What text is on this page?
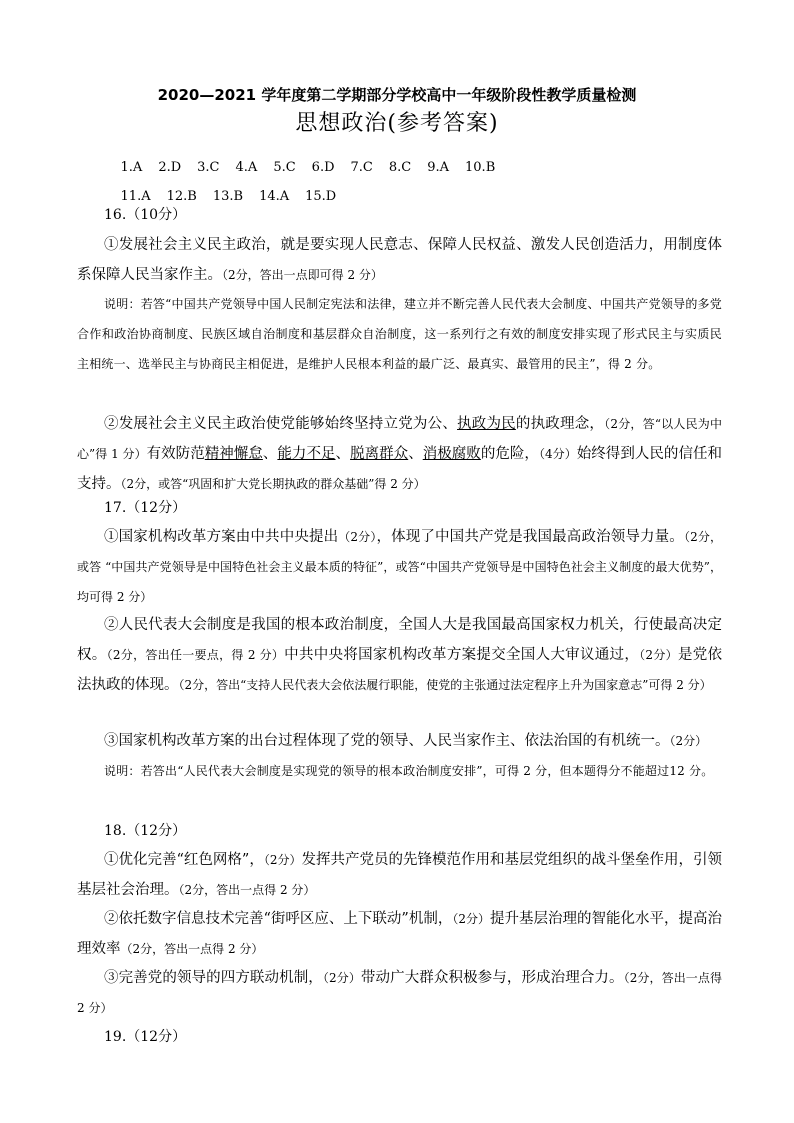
2020—2021 学年度第二学期部分学校高中一年级阶段性教学质量检测
思想政治(参考答案)

1.A 2.D 3.C 4.A 5.C 6.D 7.C 8.C 9.A 10.B

11.A 12.B 13.B 14.A 15.D

16.（10分）
①发展社会主义民主政治，就是要实现人民意志、保障人民权益、激发人民创造活力，用制度体系保障人民当家作主。（2分，答出一点即可得 2 分）
说明：若答“中国共产党领导中国人民制定宪法和法律，建立并不断完善人民代表大会制度、中国共产党领导的多党合作和政治协商制度、民族区域自治制度和基层群众自治制度，这一系列行之有效的制度安排实现了形式民主与实质民主相统一、选举民主与协商民主相促进，是维护人民根本利益的最广泛、最真实、最管用的民主”，得 2 分。
②发展社会主义民主政治使党能够始终坚持立党为公、执政为民的执政理念，（2分，答“以人民为中心”得 1 分）有效防范精神懈怠、能力不足、脱离群众、消极腐败的危险，（4分）始终得到人民的信任和支持。（2分，或答“巩固和扩大党长期执政的群众基础”得 2 分）
17.（12分）
①国家机构改革方案由中共中央提出（2分），体现了中国共产党是我国最高政治领导力量。（2分，或答 “中国共产党领导是中国特色社会主义最本质的特征”，或答“中国共产党领导是中国特色社会主义制度的最大优势”，均可得 2 分）
②人民代表大会制度是我国的根本政治制度，全国人大是我国最高国家权力机关，行使最高决定权。（2分，答出任一要点，得 2 分）中共中央将国家机构改革方案提交全国人大审议通过，（2分）是党依法执政的体现。（2分，答出“支持人民代表大会依法履行职能，使党的主张通过法定程序上升为国家意志”可得 2 分）
③国家机构改革方案的出台过程体现了党的领导、人民当家作主、依法治国的有机统一。（2分）
说明：若答出“人民代表大会制度是实现党的领导的根本政治制度安排”，可得 2 分，但本题得分不能超过12 分。
18.（12分）
①优化完善“红色网格”，（2分）发挥共产党员的先锋模范作用和基层党组织的战斗堡垒作用，引领基层社会治理。（2分，答出一点得 2 分）
②依托数字信息技术完善“街呼区应、上下联动”机制，（2分）提升基层治理的智能化水平，提高治理效率（2分，答出一点得 2 分）
③完善党的领导的四方联动机制，（2分）带动广大群众积极参与，形成治理合力。（2分，答出一点得 2 分）
19.（12分）
